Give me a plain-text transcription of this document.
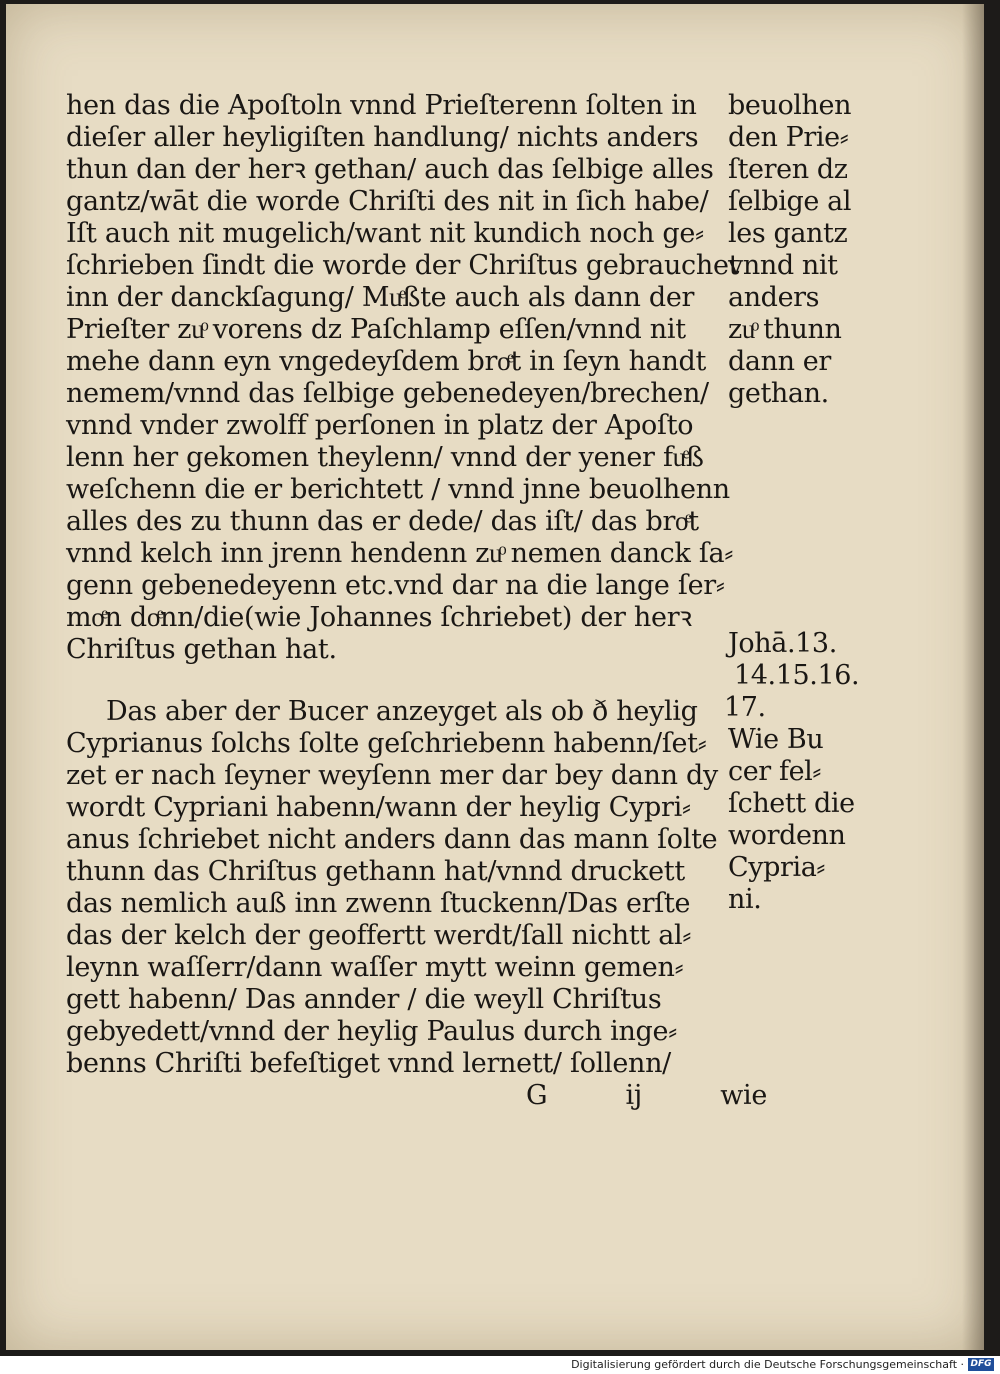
hen das die Apoſtoln vnnd Prieſterenn ſolten in
dieſer aller heyligiſten handlung/ nichts anders
thun dan der herꝛ gethan/ auch das ſelbige alles
gantz/wāt die worde Chriſti des nit in ſich habe/
Iſt auch nit mugelich/want nit kundich noch ge⸗
ſchrieben ſindt die worde der Chriſtus gebrauchet
inn der danckſagung/ Muͤßte auch als dann der
Prieſter zuͦ vorens dz Paſchlamp eſſen/vnnd nit
mehe dann eyn vngedeyſdem broͤt in ſeyn handt
nemem/vnnd das ſelbige gebenedeyen/brechen/
vnnd vnder zwolff perſonen in platz der Apoſto
lenn her gekomen theylenn/ vnnd der yener fuͤß
weſchenn die er berichtett / vnnd jnne beuolhenn
alles des zu thunn das er dede/ das iſt/ das broͤt
vnnd kelch inn jrenn hendenn zuͦ nemen danck ſa⸗
genn gebenedeyenn etc.vnd dar na die lange ſer⸗
moͤn doͤnn/die(wie Johannes ſchriebet) der herꝛ
Chriſtus gethan hat.
Das aber der Bucer anzeyget als ob ð heylig
Cyprianus ſolchs ſolte geſchriebenn habenn/ſet⸗
zet er nach ſeyner weyſenn mer dar bey dann dy
wordt Cypriani habenn/wann der heylig Cypri⸗
anus ſchriebet nicht anders dann das mann ſolte
thunn das Chriſtus gethann hat/vnnd druckett
das nemlich auß inn zwenn ſtuckenn/Das erſte
das der kelch der geoffertt werdt/ſall nichtt al⸗
leynn waſſerr/dann waſſer mytt weinn gemen⸗
gett habenn/ Das annder / die weyll Chriſtus
gebyedett/vnnd der heylig Paulus durch inge⸗
benns Chriſti befeſtiget vnnd lernett/ ſollenn/
G ij wie
beuolhen
den Prie⸗
ſteren dz
ſelbige al
les gantz
vnnd nit
anders
zuͦ thunn
dann er
gethan.
Johā.13.
14.15.16.
17.
Wie Bu
cer fel⸗
ſchett die
wordenn
Cypria⸗
ni.
Digitalisierung gefördert durch die Deutsche Forschungsgemeinschaft · DFG
